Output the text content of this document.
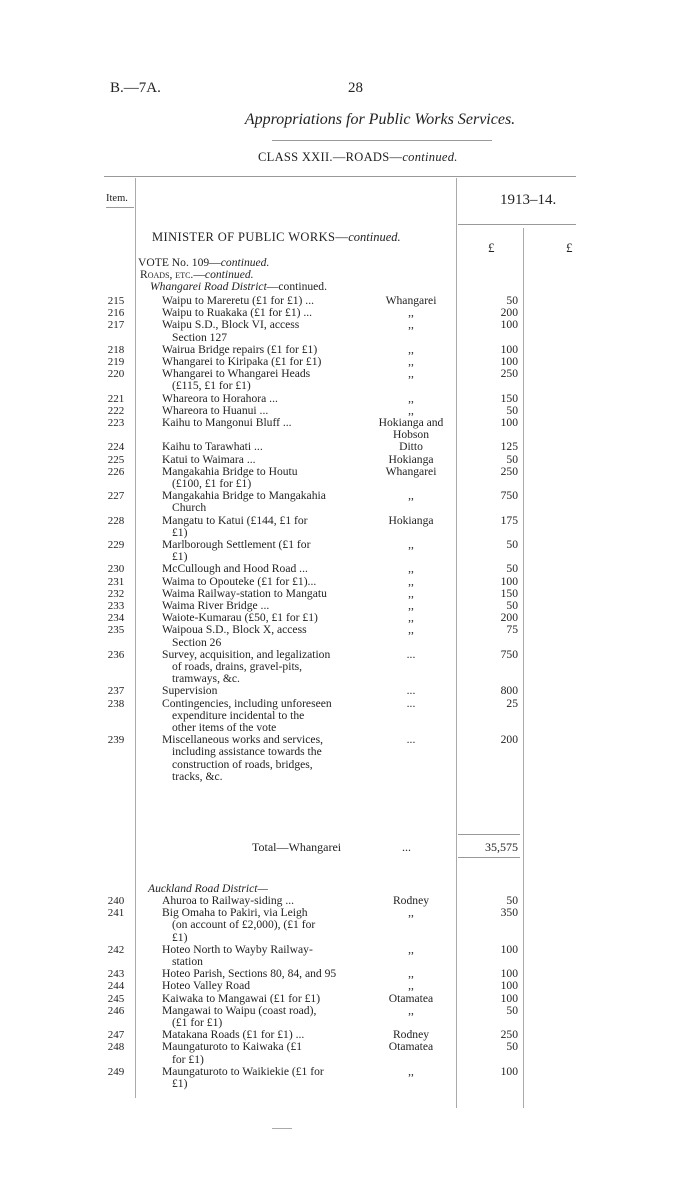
B.—7A.	28
Appropriations for Public Works Services.
CLASS XXII.—ROADS—continued.
Item.	1913–14.
MINISTER OF PUBLIC WORKS—continued.
£	£
VOTE No. 109—continued.
Roads, etc.—continued.
Whangarei Road District—continued.
215	Waipu to Mareretu (£1 for £1) ...	Whangarei	50
216	Waipu to Ruakaka (£1 for £1) ...	,,	200
217	Waipu S.D., Block VI, access	,,	100
Section 127
218	Wairua Bridge repairs (£1 for £1)	,,	100
219	Whangarei to Kiripaka (£1 for £1)	,,	100
220	Whangarei to Whangarei Heads	,,	250
(£115, £1 for £1)
221	Whareora to Horahora ...	,,	150
222	Whareora to Huanui ...	,,	50
223	Kaihu to Mangonui Bluff ...	Hokianga and	100
Hobson
224	Kaihu to Tarawhati ...	Ditto	125
225	Katui to Waimara ...	Hokianga	50
226	Mangakahia Bridge to Houtu	Whangarei	250
(£100, £1 for £1)
227	Mangakahia Bridge to Mangakahia	,,	750
Church
228	Mangatu to Katui (£144, £1 for	Hokianga	175
£1)
229	Marlborough Settlement (£1 for	,,	50
£1)
230	McCullough and Hood Road ...	,,	50
231	Waima to Opouteke (£1 for £1)...	,,	100
232	Waima Railway-station to Mangatu	,,	150
233	Waima River Bridge ...	,,	50
234	Waiote-Kumarau (£50, £1 for £1)	,,	200
235	Waipoua S.D., Block X, access	,,	75
Section 26
236	Survey, acquisition, and legalization	...	750
of roads, drains, gravel-pits,
tramways, &c.
237	Supervision	...	800
238	Contingencies, including unforeseen	...	25
expenditure incidental to the
other items of the vote
239	Miscellaneous works and services,	...	200
including assistance towards the
construction of roads, bridges,
tracks, &c.
Total—Whangarei	...	35,575
Auckland Road District—
240	Ahuroa to Railway-siding ...	Rodney	50
241	Big Omaha to Pakiri, via Leigh	,,	350
(on account of £2,000), (£1 for
£1)
242	Hoteo North to Wayby Railway-	,,	100
station
243	Hoteo Parish, Sections 80, 84, and 95	,,	100
244	Hoteo Valley Road	,,	100
245	Kaiwaka to Mangawai (£1 for £1)	Otamatea	100
246	Mangawai to Waipu (coast road),	,,	50
(£1 for £1)
247	Matakana Roads (£1 for £1) ...	Rodney	250
248	Maungaturoto to Kaiwaka (£1	Otamatea	50
for £1)
249	Maungaturoto to Waikiekie (£1 for	,,	100
£1)
